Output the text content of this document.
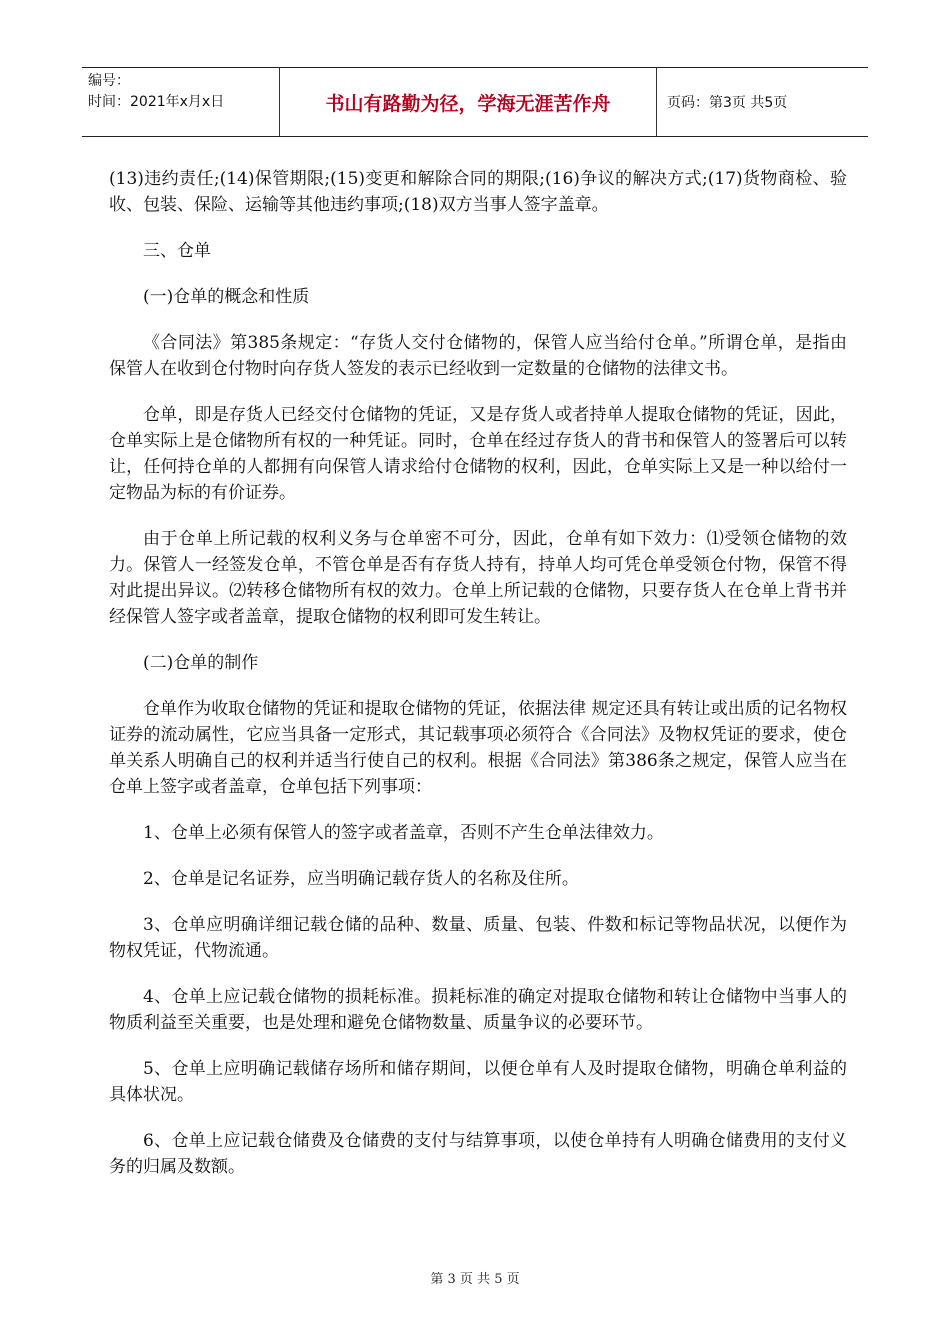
编号：
时间：2021年x月x日	书山有路勤为径，学海无涯苦作舟	页码：第3页 共5页

(13)违约责任;(14)保管期限;(15)变更和解除合同的期限;(16)争议的解决方式;(17)货物商检、验收、包装、保险、运输等其他违约事项;(18)双方当事人签字盖章。

三、仓单

(一)仓单的概念和性质

《合同法》第385条规定：“存货人交付仓储物的，保管人应当给付仓单。”所谓仓单，是指由保管人在收到仓付物时向存货人签发的表示已经收到一定数量的仓储物的法律文书。

仓单，即是存货人已经交付仓储物的凭证，又是存货人或者持单人提取仓储物的凭证，因此，仓单实际上是仓储物所有权的一种凭证。同时，仓单在经过存货人的背书和保管人的签署后可以转让，任何持仓单的人都拥有向保管人请求给付仓储物的权利，因此，仓单实际上又是一种以给付一定物品为标的有价证券。

由于仓单上所记载的权利义务与仓单密不可分，因此，仓单有如下效力：⑴受领仓储物的效力。保管人一经签发仓单，不管仓单是否有存货人持有，持单人均可凭仓单受领仓付物，保管不得对此提出异议。⑵转移仓储物所有权的效力。仓单上所记载的仓储物，只要存货人在仓单上背书并经保管人签字或者盖章，提取仓储物的权利即可发生转让。

(二)仓单的制作

仓单作为收取仓储物的凭证和提取仓储物的凭证，依据法律 规定还具有转让或出质的记名物权证券的流动属性，它应当具备一定形式，其记载事项必须符合《合同法》及物权凭证的要求，使仓单关系人明确自己的权利并适当行使自己的权利。根据《合同法》第386条之规定，保管人应当在仓单上签字或者盖章，仓单包括下列事项：

1、仓单上必须有保管人的签字或者盖章，否则不产生仓单法律效力。

2、仓单是记名证券，应当明确记载存货人的名称及住所。

3、仓单应明确详细记载仓储的品种、数量、质量、包装、件数和标记等物品状况，以便作为物权凭证，代物流通。

4、仓单上应记载仓储物的损耗标准。损耗标准的确定对提取仓储物和转让仓储物中当事人的物质利益至关重要，也是处理和避免仓储物数量、质量争议的必要环节。

5、仓单上应明确记载储存场所和储存期间，以便仓单有人及时提取仓储物，明确仓单利益的具体状况。

6、仓单上应记载仓储费及仓储费的支付与结算事项，以使仓单持有人明确仓储费用的支付义务的归属及数额。

第 3 页 共 5 页
